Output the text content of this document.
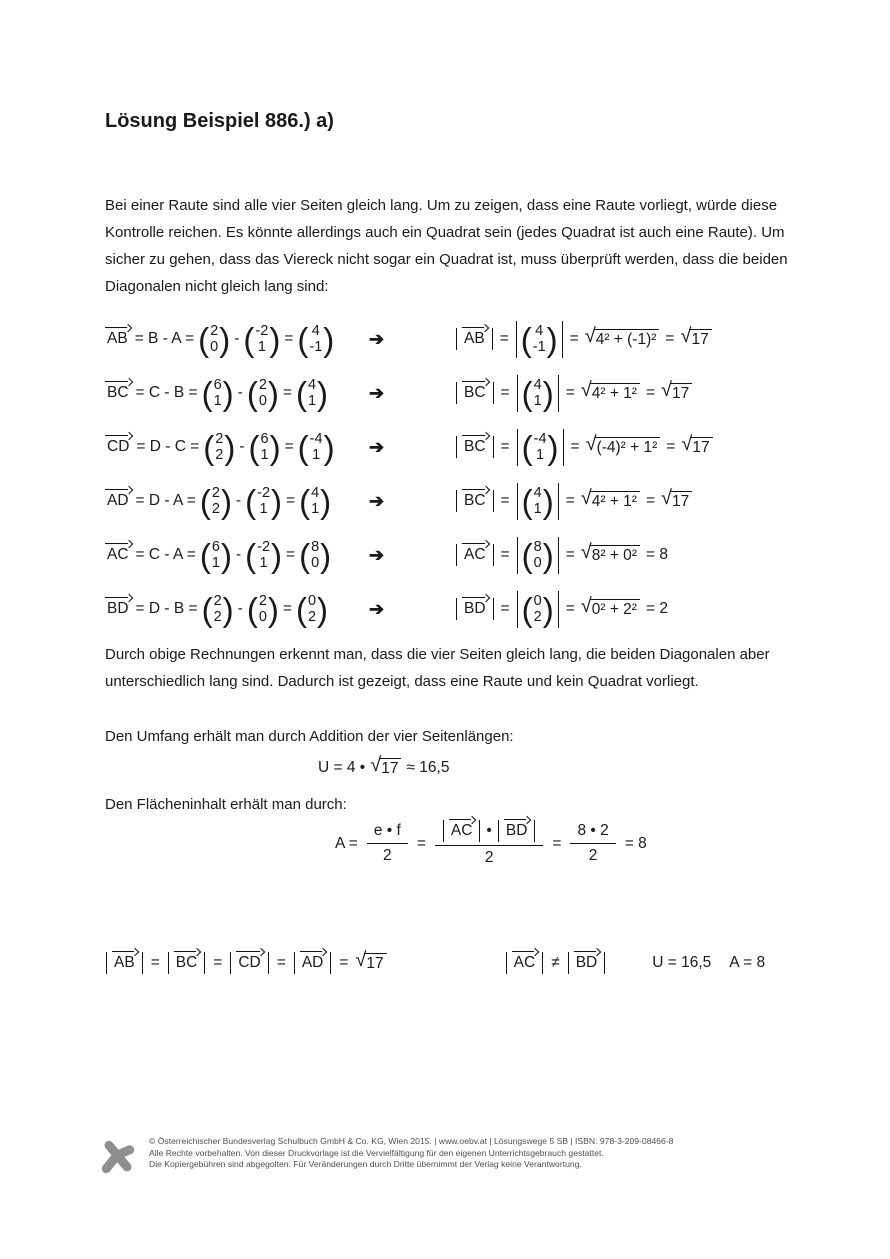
Lösung Beispiel 886.) a)
Bei einer Raute sind alle vier Seiten gleich lang. Um zu zeigen, dass eine Raute vorliegt, würde diese Kontrolle reichen. Es könnte allerdings auch ein Quadrat sein (jedes Quadrat ist auch eine Raute). Um sicher zu gehen, dass das Viereck nicht sogar ein Quadrat ist, muss überprüft werden, dass die beiden Diagonalen nicht gleich lang sind:
AB = B - A = ( 2
0
) - ( -2
1
) = ( 4
-1
)	➔	AB = ( 4
-1
) = √ 4² + (-1)² = √ 17
BC = C - B = ( 6
1
) - ( 2
0
) = ( 4
1
)	➔	BC = ( 4
1
) = √ 4² + 1² = √ 17
CD = D - C = ( 2
2
) - ( 6
1
) = ( -4
1
)	➔	BC = ( -4
1
) = √ (-4)² + 1² = √ 17
AD = D - A = ( 2
2
) - ( -2
1
) = ( 4
1
)	➔	BC = ( 4
1
) = √ 4² + 1² = √ 17
AC = C - A = ( 6
1
) - ( -2
1
) = ( 8
0
)	➔	AC = ( 8
0
) = √ 8² + 0² = 8
BD = D - B = ( 2
2
) - ( 2
0
) = ( 0
2
)	➔	BD = ( 0
2
) = √ 0² + 2² = 2
Durch obige Rechnungen erkennt man, dass die vier Seiten gleich lang, die beiden Diagonalen aber unterschiedlich lang sind. Dadurch ist gezeigt, dass eine Raute und kein Quadrat vorliegt.
Den Umfang erhält man durch Addition der vier Seitenlängen:
U = 4 • √ 17 ≈ 16,5
Den Flächeninhalt erhält man durch:
$A = \frac{e • f}{2} = \frac{AC • BD}{2} = \frac{8 • 2}{2} = 8$
AB = BC = CD = AD = √ 17	AC ≠ BD	U = 16,5 A = 8
© Österreichischer Bundesverlag Schulbuch GmbH & Co. KG, Wien 2015. | www.oebv.at | Lösungswege 5 SB | ISBN: 978-3-209-08466-8
Alle Rechte vorbehalten. Von dieser Druckvorlage ist die Vervielfältigung für den eigenen Unterrichtsgebrauch gestattet.
Die Kopiergebühren sind abgegolten. Für Veränderungen durch Dritte übernimmt der Verlag keine Verantwortung.
